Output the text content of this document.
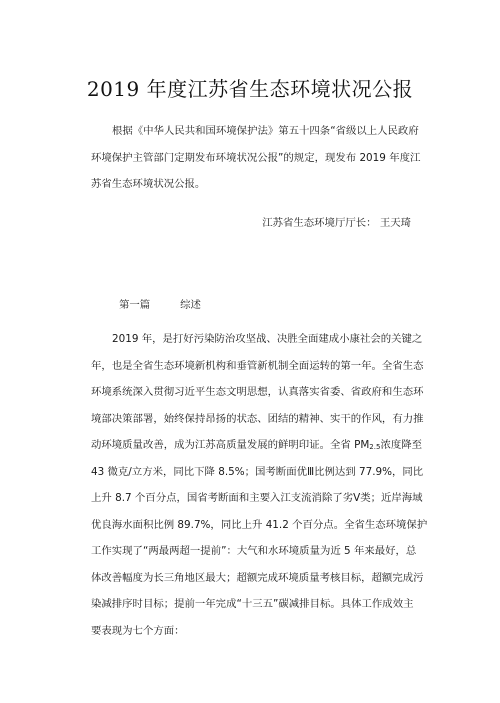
2019 年度江苏省生态环境状况公报
根据《中华人民共和国环境保护法》第五十四条“省级以上人民政府
环境保护主管部门定期发布环境状况公报”的规定，现发布 2019 年度江
苏省生态环境状况公报。
江苏省生态环境厅厅长： 王天琦
第一篇	综述
2019 年，是打好污染防治攻坚战、决胜全面建成小康社会的关键之
年，也是全省生态环境新机构和垂管新机制全面运转的第一年。全省生态
环境系统深入贯彻习近平生态文明思想，认真落实省委、省政府和生态环
境部决策部署，始终保持昂扬的状态、团结的精神、实干的作风，有力推
动环境质量改善，成为江苏高质量发展的鲜明印证。全省 $PM_{2.5}$浓度降至
43 微克/立方米，同比下降 8.5%；国考断面优Ⅲ比例达到 77.9%，同比
上升 8.7 个百分点，国省考断面和主要入江支流消除了劣Ⅴ类；近岸海域
优良海水面积比例 89.7%，同比上升 41.2 个百分点。全省生态环境保护
工作实现了“两最两超一提前”：大气和水环境质量为近 5 年来最好，总
体改善幅度为长三角地区最大；超额完成环境质量考核目标，超额完成污
染减排序时目标；提前一年完成“十三五”碳减排目标。具体工作成效主
要表现为七个方面：
